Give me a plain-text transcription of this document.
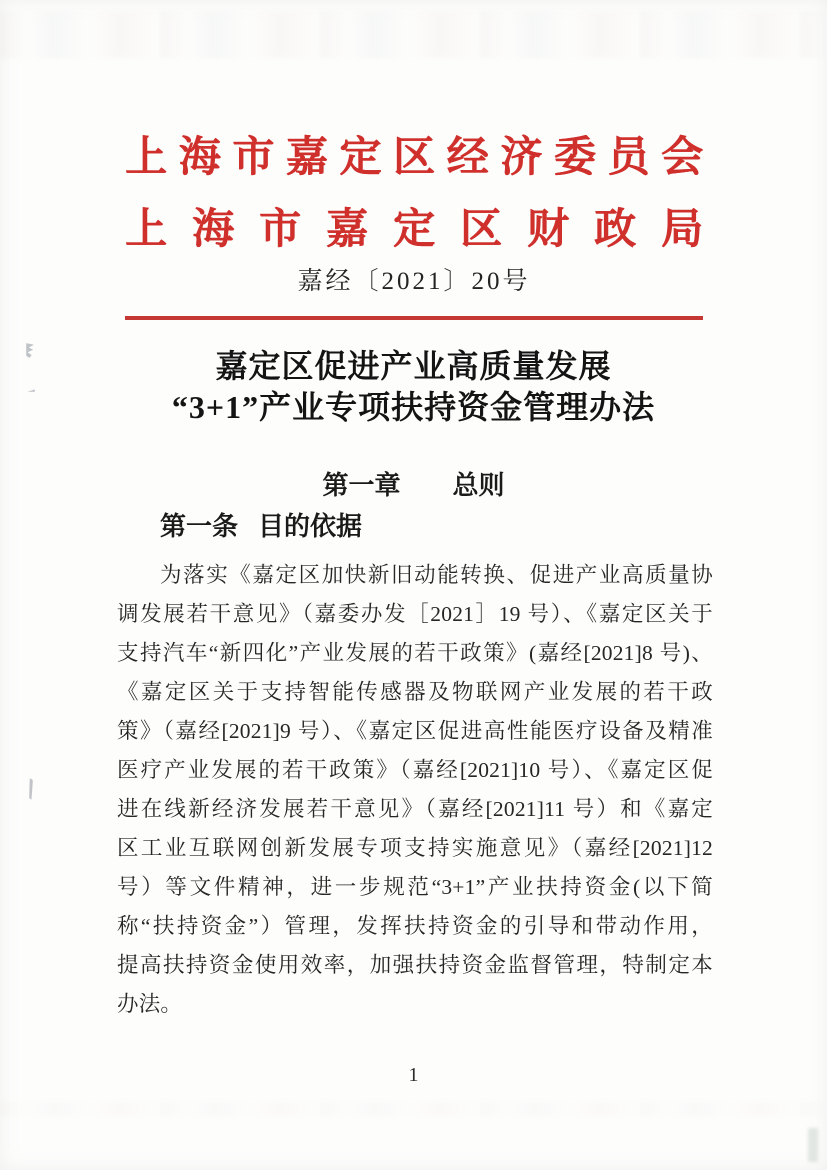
上海市嘉定区经济委员会
上海市嘉定区财政局
嘉经〔2021〕20号
嘉定区促进产业高质量发展
“3+1”产业专项扶持资金管理办法
第一章 总则
第一条 目的依据
为落实《嘉定区加快新旧动能转换、促进产业高质量协
调发展若干意见》（嘉委办发［2021］19 号）、《嘉定区关于
支持汽车“新四化”产业发展的若干政策》(嘉经[2021]8 号)、
《嘉定区关于支持智能传感器及物联网产业发展的若干政
策》（嘉经[2021]9 号）、《嘉定区促进高性能医疗设备及精准
医疗产业发展的若干政策》（嘉经[2021]10 号）、《嘉定区促
进在线新经济发展若干意见》（嘉经[2021]11 号）和《嘉定
区工业互联网创新发展专项支持实施意见》（嘉经[2021]12
号）等文件精神，进一步规范“3+1”产业扶持资金(以下简
称“扶持资金”）管理，发挥扶持资金的引导和带动作用，
提高扶持资金使用效率，加强扶持资金监督管理，特制定本
办法。
1
